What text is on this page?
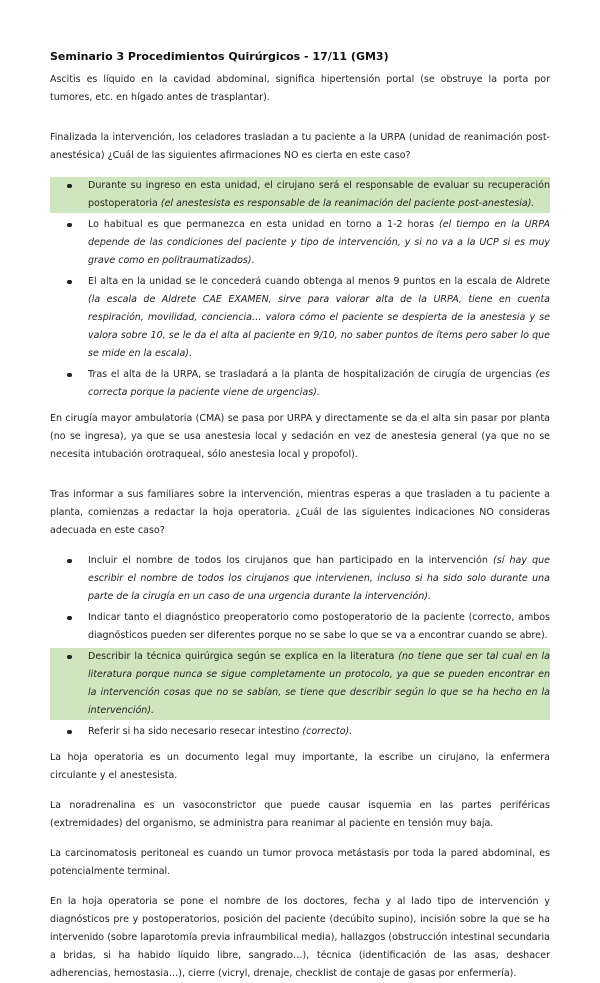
Seminario 3 Procedimientos Quirúrgicos - 17/11 (GM3)

Ascitis es líquido en la cavidad abdominal, significa hipertensión portal (se obstruye la porta por tumores, etc. en hígado antes de trasplantar).

Finalizada la intervención, los celadores trasladan a tu paciente a la URPA (unidad de reanimación post-anestésica) ¿Cuál de las siguientes afirmaciones NO es cierta en este caso?

Durante su ingreso en esta unidad, el cirujano será el responsable de evaluar su recuperación postoperatoria (el anestesista es responsable de la reanimación del paciente post-anestesia).
Lo habitual es que permanezca en esta unidad en torno a 1-2 horas (el tiempo en la URPA depende de las condiciones del paciente y tipo de intervención, y si no va a la UCP si es muy grave como en politraumatizados).
El alta en la unidad se le concederá cuando obtenga al menos 9 puntos en la escala de Aldrete (la escala de Aldrete CAE EXAMEN, sirve para valorar alta de la URPA, tiene en cuenta respiración, movilidad, conciencia… valora cómo el paciente se despierta de la anestesia y se valora sobre 10, se le da el alta al paciente en 9/10, no saber puntos de ítems pero saber lo que se mide en la escala).
Tras el alta de la URPA, se trasladará a la planta de hospitalización de cirugía de urgencias (es correcta porque la paciente viene de urgencias).

En cirugía mayor ambulatoria (CMA) se pasa por URPA y directamente se da el alta sin pasar por planta (no se ingresa), ya que se usa anestesia local y sedación en vez de anestesia general (ya que no se necesita intubación orotraqueal, sólo anestesia local y propofol).

Tras informar a sus familiares sobre la intervención, mientras esperas a que trasladen a tu paciente a planta, comienzas a redactar la hoja operatoria. ¿Cuál de las siguientes indicaciones NO consideras adecuada en este caso?

Incluir el nombre de todos los cirujanos que han participado en la intervención (sí hay que escribir el nombre de todos los cirujanos que intervienen, incluso si ha sido solo durante una parte de la cirugía en un caso de una urgencia durante la intervención).
Indicar tanto el diagnóstico preoperatorio como postoperatorio de la paciente (correcto, ambos diagnósticos pueden ser diferentes porque no se sabe lo que se va a encontrar cuando se abre).
Describir la técnica quirúrgica según se explica en la literatura (no tiene que ser tal cual en la literatura porque nunca se sigue completamente un protocolo, ya que se pueden encontrar en la intervención cosas que no se sabían, se tiene que describir según lo que se ha hecho en la intervención).
Referir si ha sido necesario resecar intestino (correcto).

La hoja operatoria es un documento legal muy importante, la escribe un cirujano, la enfermera circulante y el anestesista.

La noradrenalina es un vasoconstrictor que puede causar isquemia en las partes periféricas (extremidades) del organismo, se administra para reanimar al paciente en tensión muy baja.

La carcinomatosis peritoneal es cuando un tumor provoca metástasis por toda la pared abdominal, es potencialmente terminal.

En la hoja operatoria se pone el nombre de los doctores, fecha y al lado tipo de intervención y diagnósticos pre y postoperatorios, posición del paciente (decúbito supino), incisión sobre la que se ha intervenido (sobre laparotomía previa infraumbilical media), hallazgos (obstrucción intestinal secundaria a bridas, si ha habido líquido libre, sangrado…), técnica (identificación de las asas, deshacer adherencias, hemostasia…), cierre (vicryl, drenaje, checklist de contaje de gasas por enfermería).
